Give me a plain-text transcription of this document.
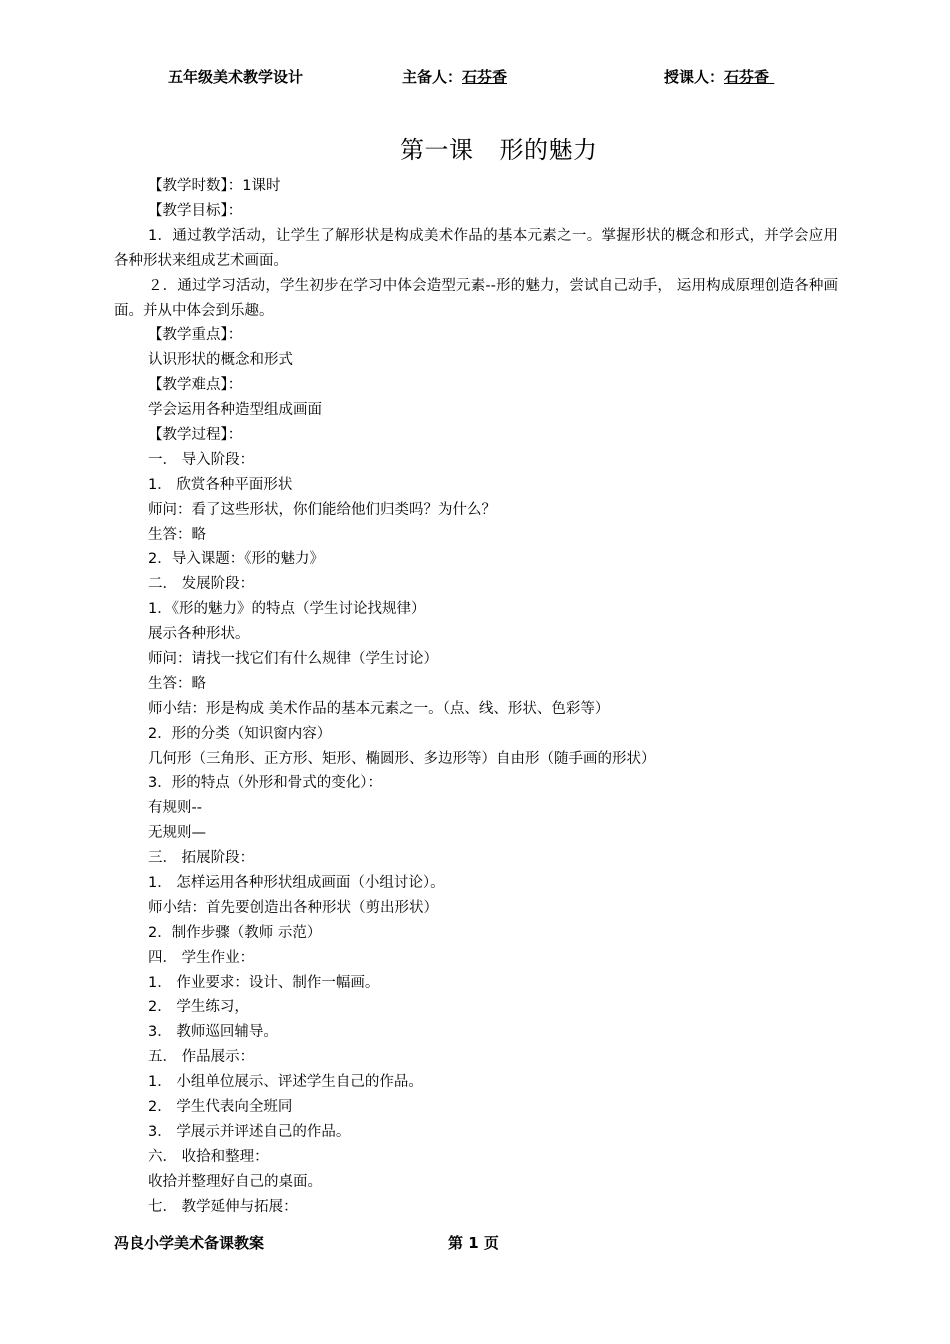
五年级美术教学设计	主备人：石芬香	授课人：石芬香
第一课 形的魅力
【教学时数】：1课时
【教学目标】：
1．通过教学活动，让学生了解形状是构成美术作品的基本元素之一。掌握形状的概念和形式，并学会应用各种形状来组成艺术画面。
２．通过学习活动，学生初步在学习中体会造型元素--形的魅力，尝试自己动手， 运用构成原理创造各种画面。并从中体会到乐趣。
【教学重点】：
认识形状的概念和形式
【教学难点】：
学会运用各种造型组成画面
【教学过程】：
一． 导入阶段：
1． 欣赏各种平面形状
师问：看了这些形状，你们能给他们归类吗？为什么？
生答：略
2．导入课题：《形的魅力》
二． 发展阶段：
1．《形的魅力》的特点（学生讨论找规律）
展示各种形状。
师问：请找一找它们有什么规律（学生讨论）
生答：略
师小结：形是构成 美术作品的基本元素之一。（点、线、形状、色彩等）
2．形的分类（知识窗内容）
几何形（三角形、正方形、矩形、椭圆形、多边形等）自由形（随手画的形状）
3．形的特点（外形和骨式的变化）：
有规则--
无规则—
三． 拓展阶段：
1． 怎样运用各种形状组成画面（小组讨论）。
师小结：首先要创造出各种形状（剪出形状）
2．制作步骤（教师 示范）
四． 学生作业：
1． 作业要求：设计、制作一幅画。
2． 学生练习，
3． 教师巡回辅导。
五． 作品展示：
1． 小组单位展示、评述学生自己的作品。
2． 学生代表向全班同
3． 学展示并评述自己的作品。
六． 收拾和整理：
收拾并整理好自己的桌面。
七． 教学延伸与拓展：
冯良小学美术备课教案	第 1 页
